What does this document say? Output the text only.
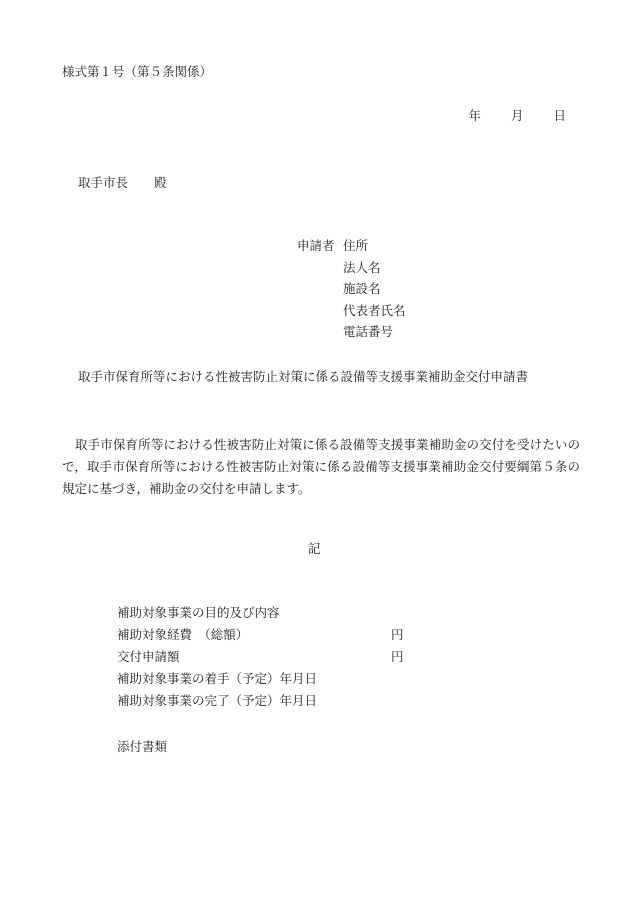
様式第１号（第５条関係）
年 月 日
取手市長 殿
申請者 住所
法人名
施設名
代表者氏名
電話番号
取手市保育所等における性被害防止対策に係る設備等支援事業補助金交付申請書

取手市保育所等における性被害防止対策に係る設備等支援事業補助金の交付を受けたいので，取手市保育所等における性被害防止対策に係る設備等支援事業補助金交付要綱第５条の規定に基づき，補助金の交付を申請します。

記
補助対象事業の目的及び内容
補助対象経費　（総額）	円
交付申請額	円
補助対象事業の着手（予定）年月日
補助対象事業の完了（予定）年月日
添付書類
